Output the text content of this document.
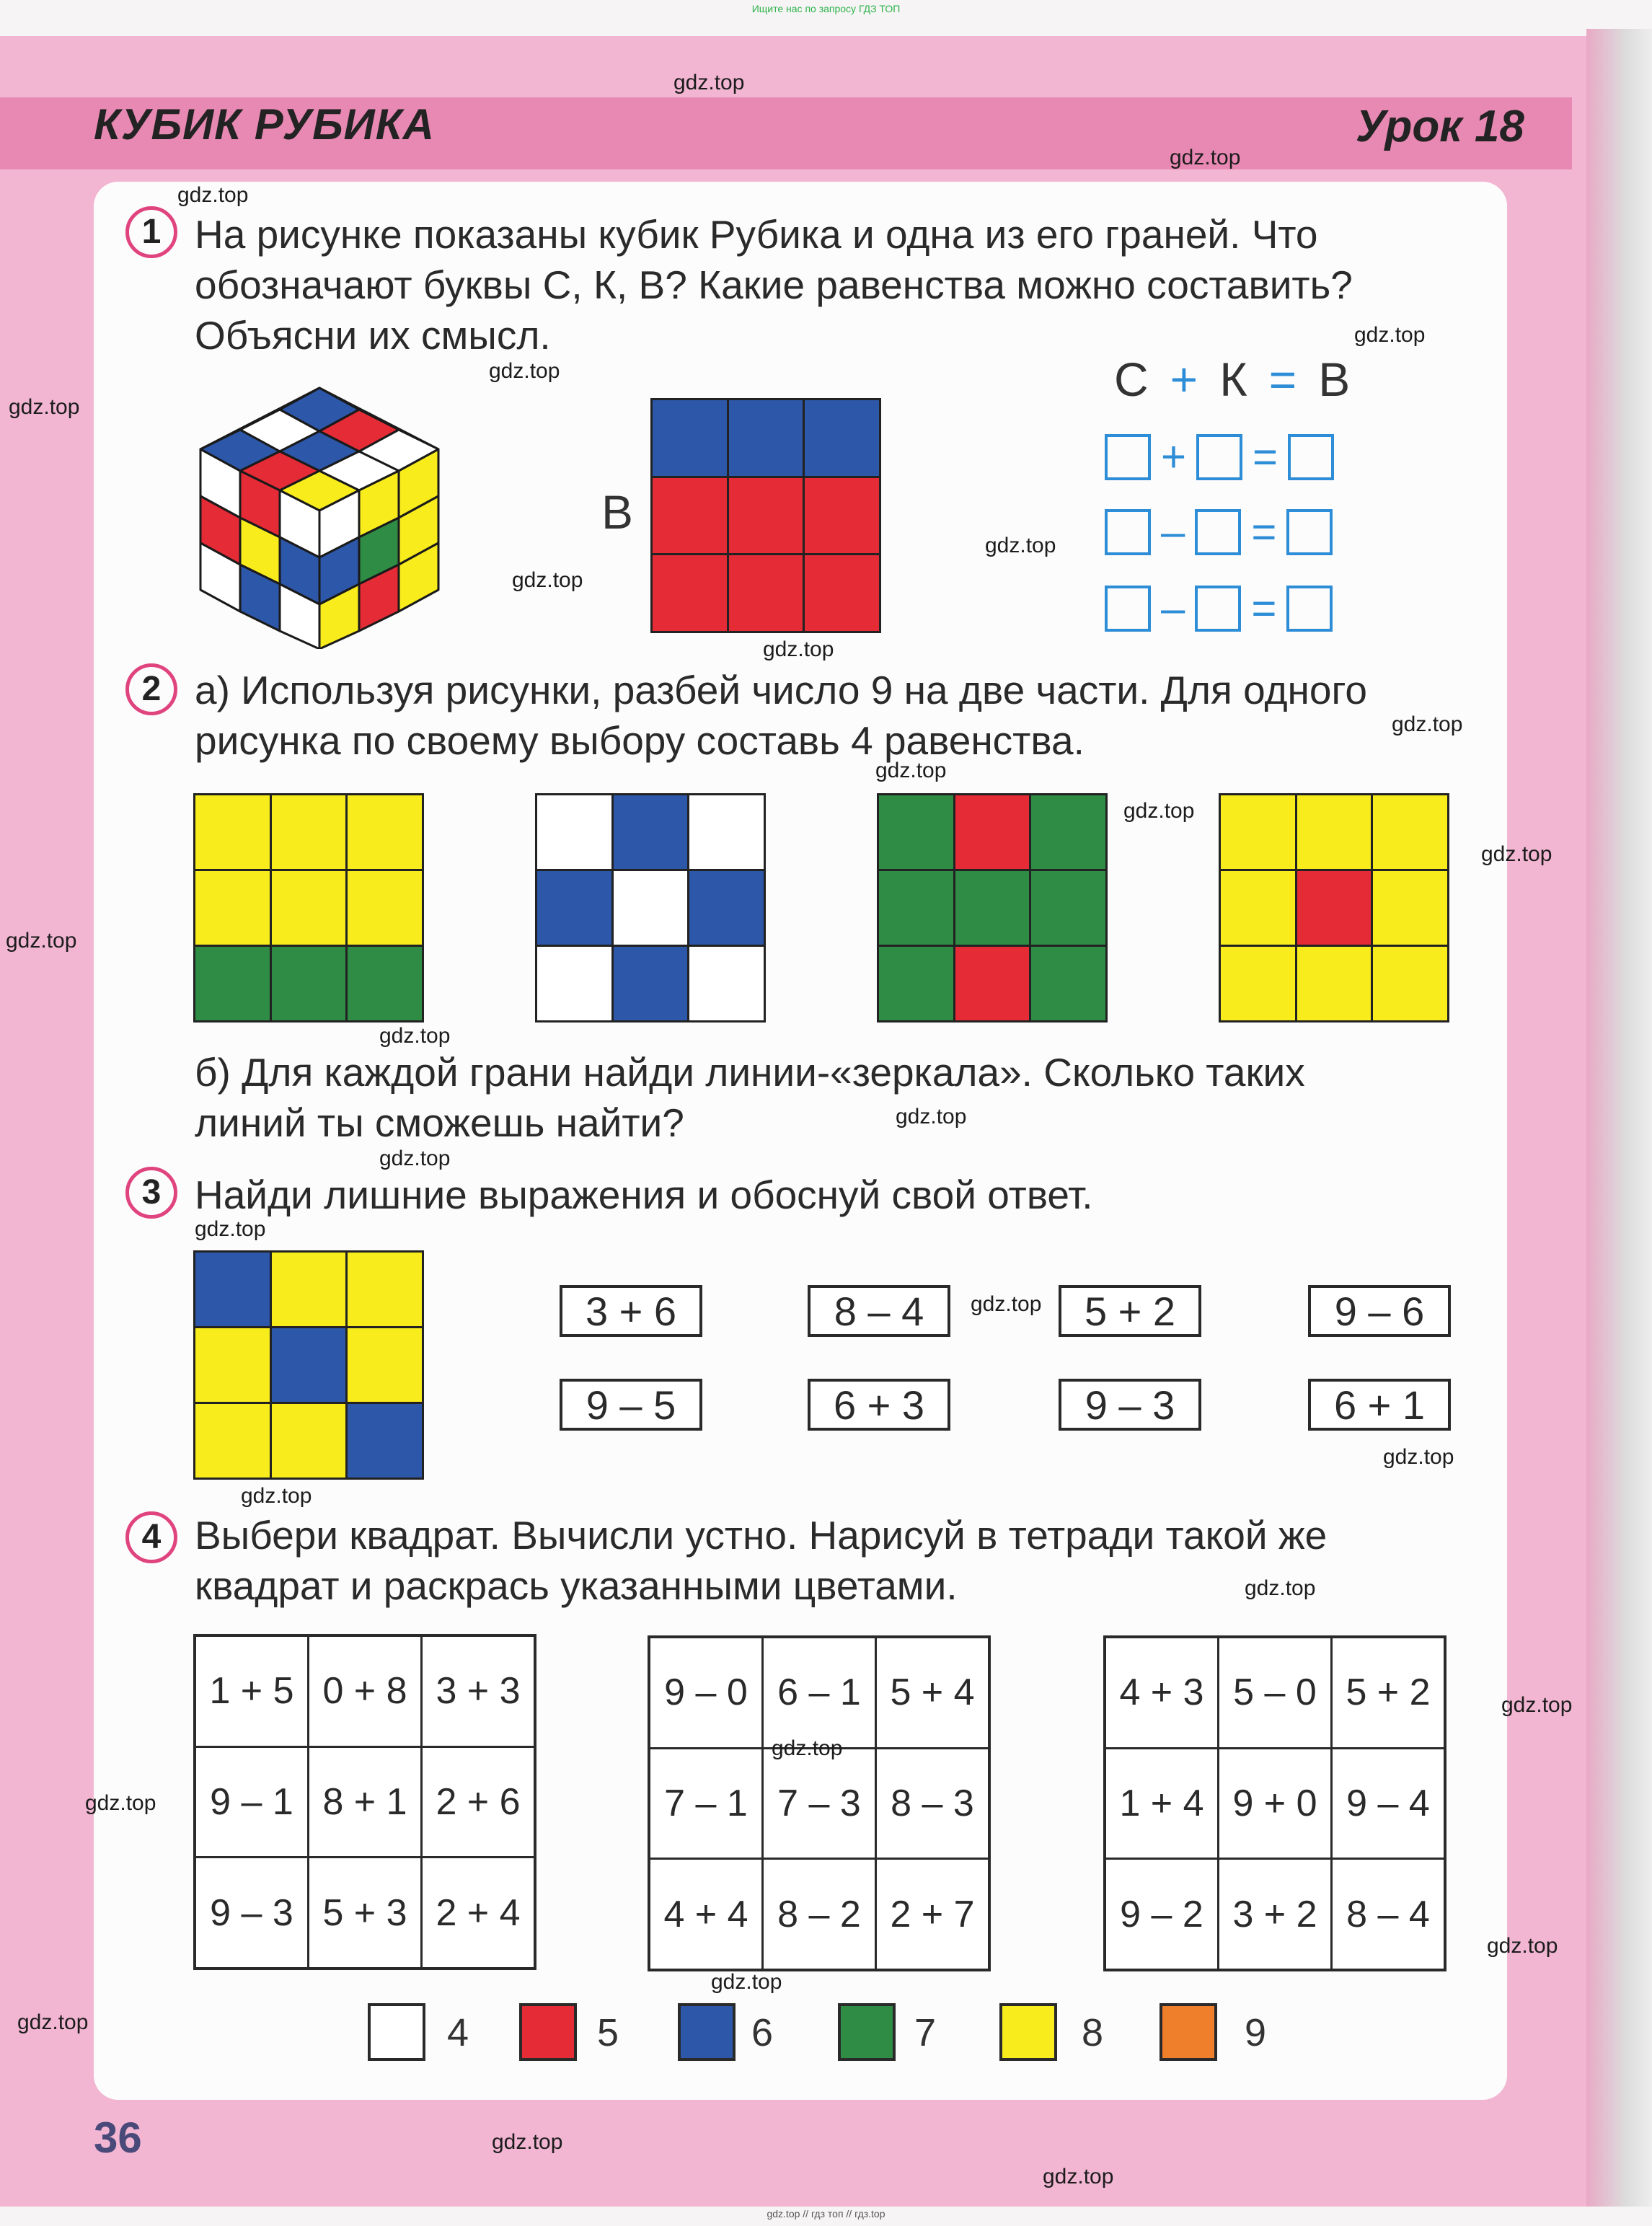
Ищите нас по запросу ГДЗ ТОП
КУБИК РУБИКА	Урок 18
1 На рисунке показаны кубик Рубика и одна из его граней. Что
обозначают буквы С, К, В? Какие равенства можно составить?
Объясни их смысл.
В
С + К = В
+ =
– =
– =
2 а) Используя рисунки, разбей число 9 на две части. Для одного
рисунка по своему выбору составь 4 равенства.
б) Для каждой грани найди линии-«зеркала». Сколько таких
линий ты сможешь найти?
3 Найди лишние выражения и обоснуй свой ответ.
3 + 6	8 – 4	5 + 2	9 – 6
9 – 5	6 + 3	9 – 3	6 + 1
4 Выбери квадрат. Вычисли устно. Нарисуй в тетради такой же
квадрат и раскрась указанными цветами.
1 + 5 0 + 8 3 + 3
9 – 1 8 + 1 2 + 6
9 – 3 5 + 3 2 + 4
9 – 0 6 – 1 5 + 4
7 – 1 7 – 3 8 – 3
4 + 4 8 – 2 2 + 7
4 + 3 5 – 0 5 + 2
1 + 4 9 + 0 9 – 4
9 – 2 3 + 2 8 – 4
4	5	6	7	8	9
36
gdz.top
gdz.top
gdz.top
gdz.top
gdz.top
gdz.top
gdz.top
gdz.top
gdz.top
gdz.top
gdz.top
gdz.top
gdz.top
gdz.top
gdz.top
gdz.top
gdz.top
gdz.top
gdz.top
gdz.top
gdz.top
gdz.top
gdz.top
gdz.top
gdz.top
gdz.top
gdz.top
gdz.top
gdz.top
gdz.top
gdz.top // гдз топ // гдз.top
